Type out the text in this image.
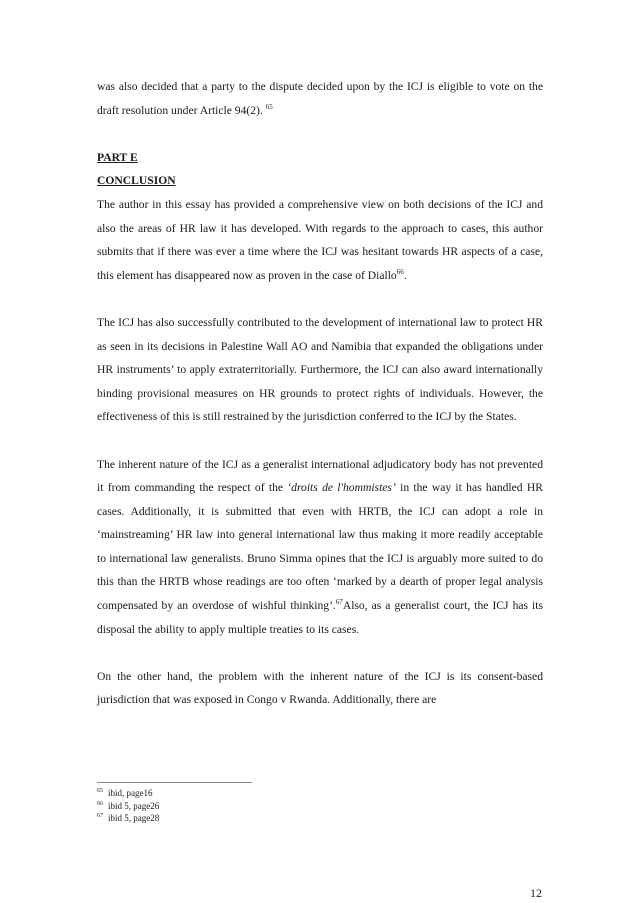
was also decided that a party to the dispute decided upon by the ICJ is eligible to vote on the draft resolution under Article 94(2). $^{65}$

PART E

CONCLUSION

The author in this essay has provided a comprehensive view on both decisions of the ICJ and also the areas of HR law it has developed. With regards to the approach to cases, this author submits that if there was ever a time where the ICJ was hesitant towards HR aspects of a case, this element has disappeared now as proven in the case of Diallo$^{66}$.

The ICJ has also successfully contributed to the development of international law to protect HR as seen in its decisions in Palestine Wall AO and Namibia that expanded the obligations under HR instruments’ to apply extraterritorially. Furthermore, the ICJ can also award internationally binding provisional measures on HR grounds to protect rights of individuals. However, the effectiveness of this is still restrained by the jurisdiction conferred to the ICJ by the States.

The inherent nature of the ICJ as a generalist international adjudicatory body has not prevented it from commanding the respect of the ‘droits de l'hommistes’ in the way it has handled HR cases. Additionally, it is submitted that even with HRTB, the ICJ can adopt a role in ‘mainstreaming’ HR law into general international law thus making it more readily acceptable to international law generalists. Bruno Simma opines that the ICJ is arguably more suited to do this than the HRTB whose readings are too often ‘marked by a dearth of proper legal analysis compensated by an overdose of wishful thinking’.$^{67}$Also, as a generalist court, the ICJ has its disposal the ability to apply multiple treaties to its cases.

On the other hand, the problem with the inherent nature of the ICJ is its consent-based jurisdiction that was exposed in Congo v Rwanda. Additionally, there are

$^{65}$ ibid, page16
$^{66}$ ibid 5, page26
$^{67}$ ibid 5, page28
12
